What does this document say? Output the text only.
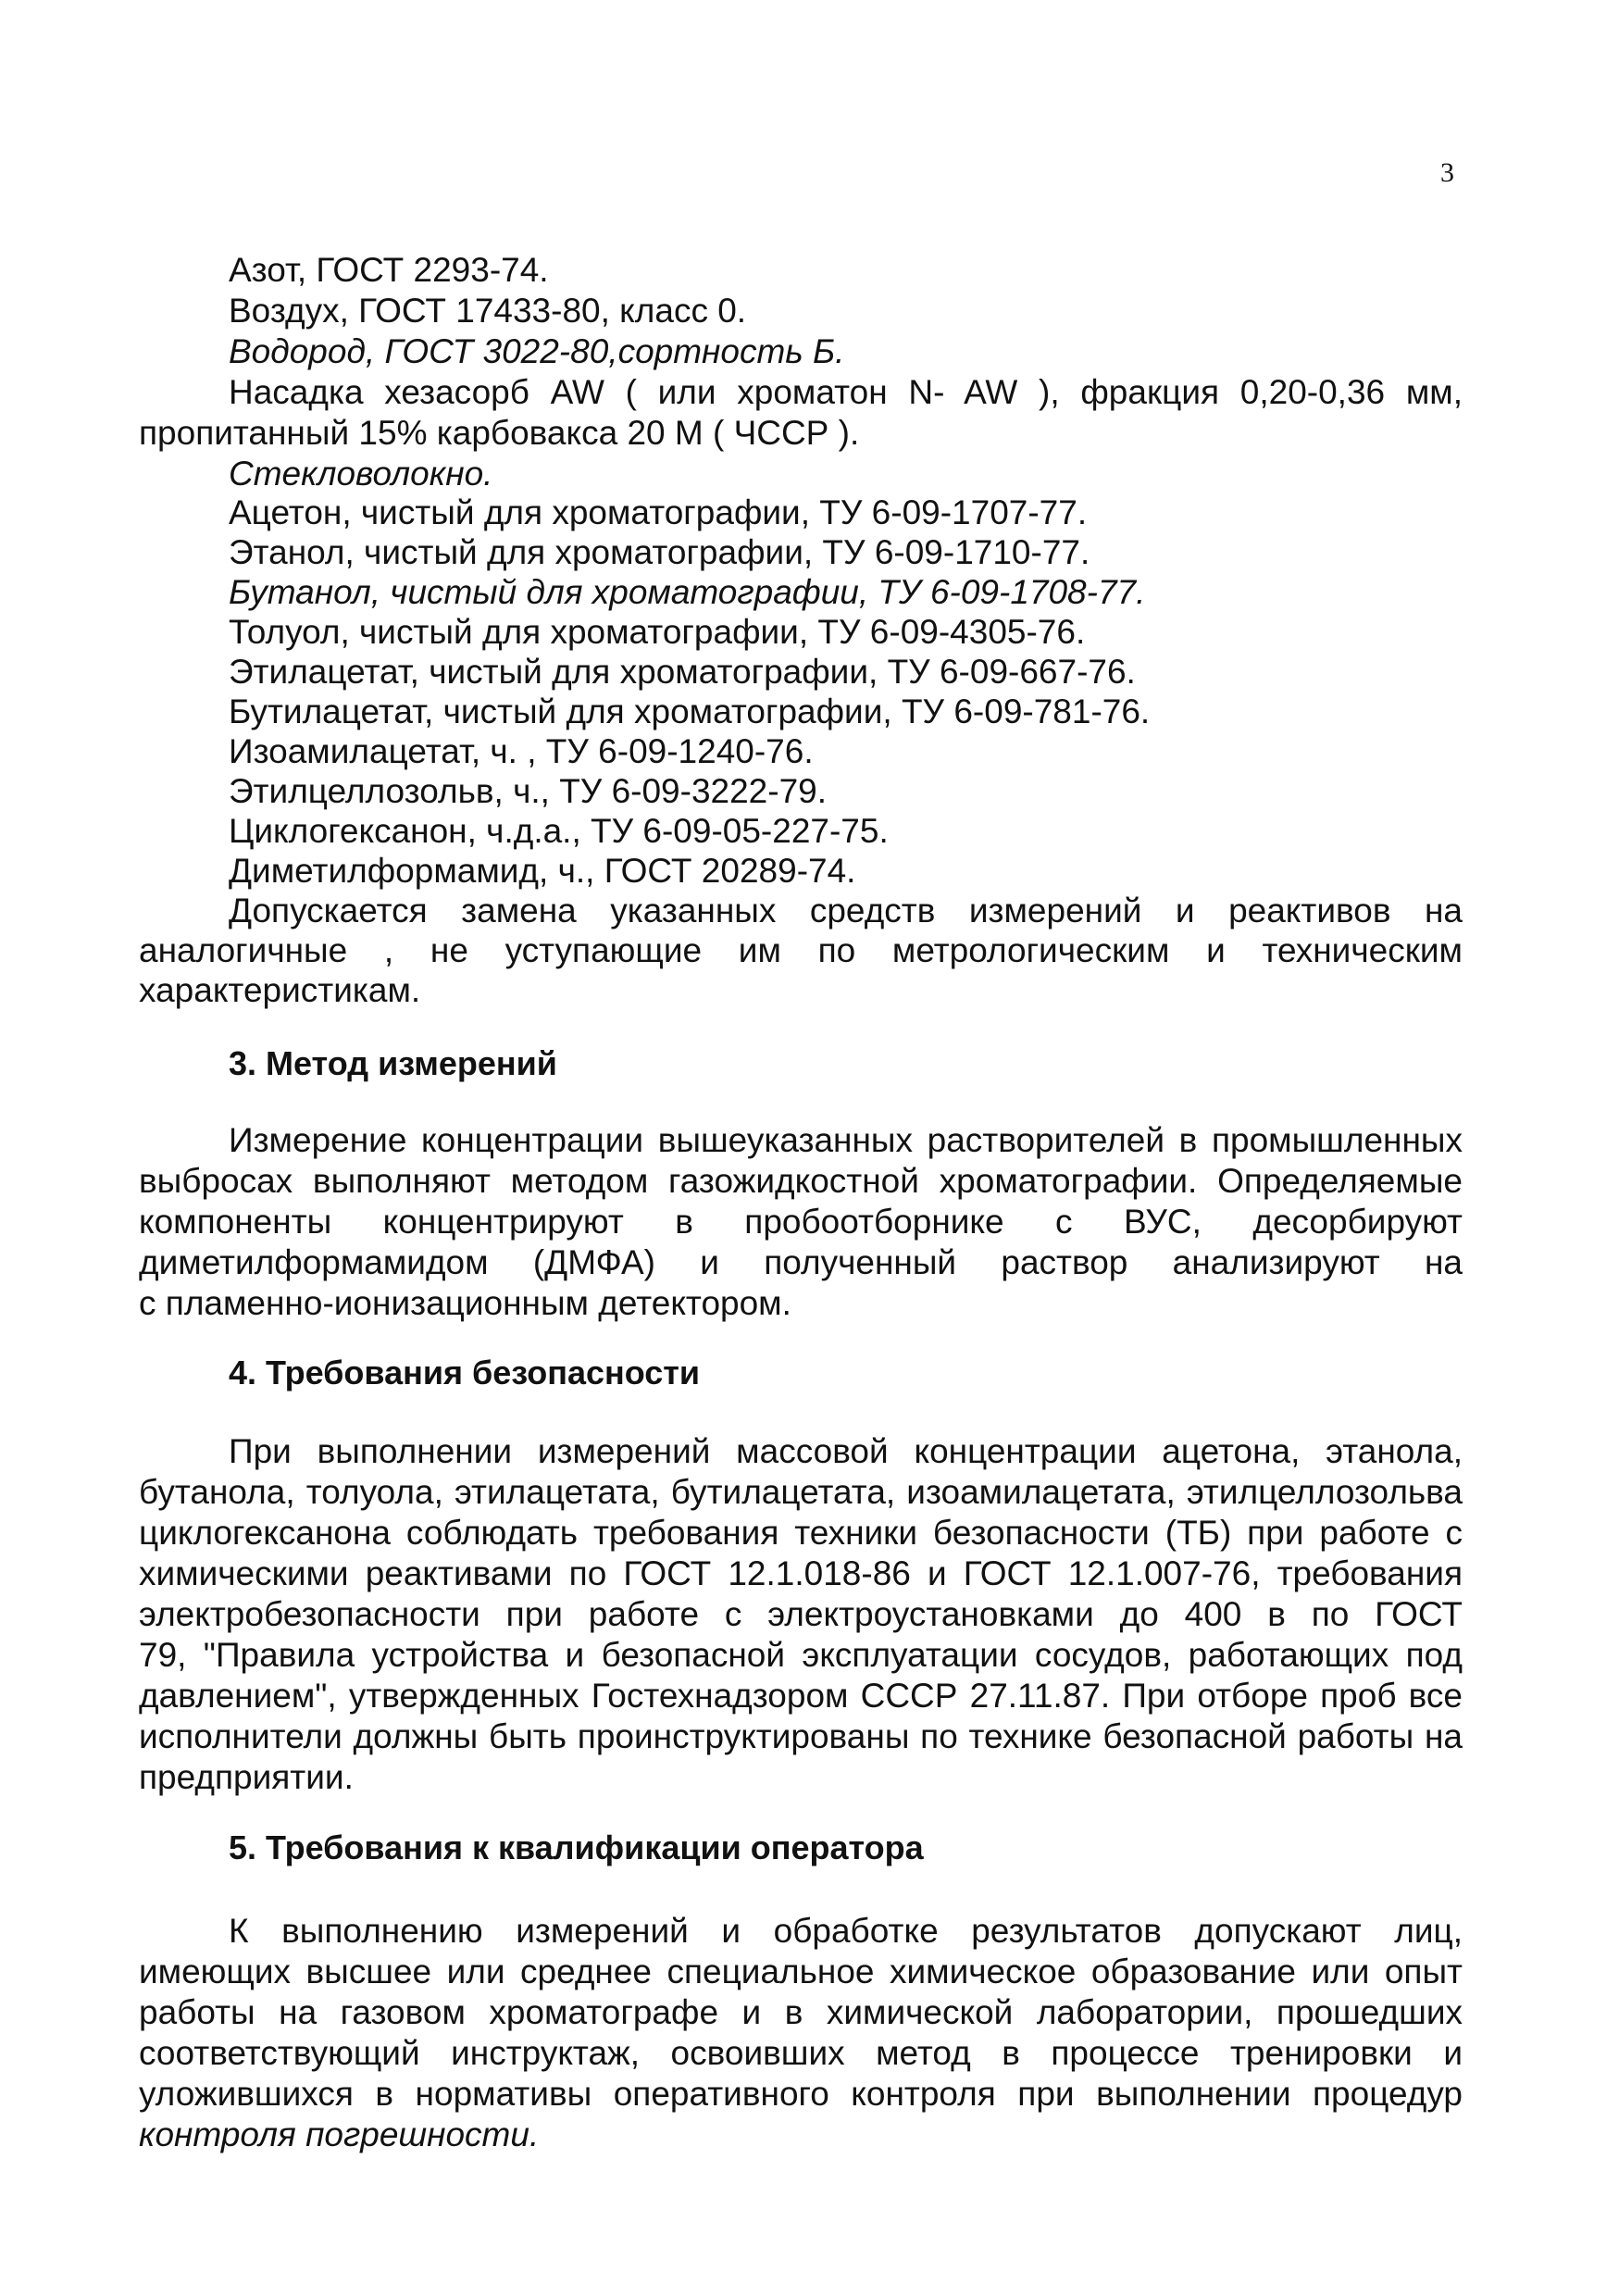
3
Азот, ГОСТ 2293-74.
Воздух, ГОСТ 17433-80, класс 0.
Водород, ГОСТ 3022-80,сортность Б.
Насадка хезасорб AW ( или хроматон N- AW ), фракция 0,20-0,36 мм,
пропитанный 15% карбовакса 20 М ( ЧССР ).
Стекловолокно.
Ацетон, чистый для хроматографии, ТУ 6-09-1707-77.
Этанол, чистый для хроматографии, ТУ 6-09-1710-77.
Бутанол, чистый для хроматографии, ТУ 6-09-1708-77.
Толуол, чистый для хроматографии, ТУ 6-09-4305-76.
Этилацетат, чистый для хроматографии, ТУ 6-09-667-76.
Бутилацетат, чистый для хроматографии, ТУ 6-09-781-76.
Изоамилацетат, ч. , ТУ 6-09-1240-76.
Этилцеллозольв, ч., ТУ 6-09-3222-79.
Циклогексанон, ч.д.а., ТУ 6-09-05-227-75.
Диметилформамид, ч., ГОСТ 20289-74.
Допускается замена указанных средств измерений и реактивов на
аналогичные , не уступающие им по метрологическим и техническим
характеристикам.
3. Метод измерений
Измерение концентрации вышеуказанных растворителей в промышленных
выбросах выполняют методом газожидкостной хроматографии. Определяемые
компоненты концентрируют в пробоотборнике с ВУС, десорбируют
диметилформамидом (ДМФА) и полученный раствор анализируют на
с пламенно-ионизационным детектором.
4. Требования безопасности
При выполнении измерений массовой концентрации ацетона, этанола,
бутанола, толуола, этилацетата, бутилацетата, изоамилацетата, этилцеллозольва
циклогексанона соблюдать требования техники безопасности (ТБ) при работе с
химическими реактивами по ГОСТ 12.1.018-86 и ГОСТ 12.1.007-76, требования
электробезопасности при работе с электроустановками до 400 в по ГОСТ
79, "Правила устройства и безопасной эксплуатации сосудов, работающих под
давлением", утвержденных Гостехнадзором СССР 27.11.87. При отборе проб все
исполнители должны быть проинструктированы по технике безопасной работы на
предприятии.
5. Требования к квалификации оператора
К выполнению измерений и обработке результатов допускают лиц,
имеющих высшее или среднее специальное химическое образование или опыт
работы на газовом хроматографе и в химической лаборатории, прошедших
соответствующий инструктаж, освоивших метод в процессе тренировки и
уложившихся в нормативы оперативного контроля при выполнении процедур
контроля погрешности.
